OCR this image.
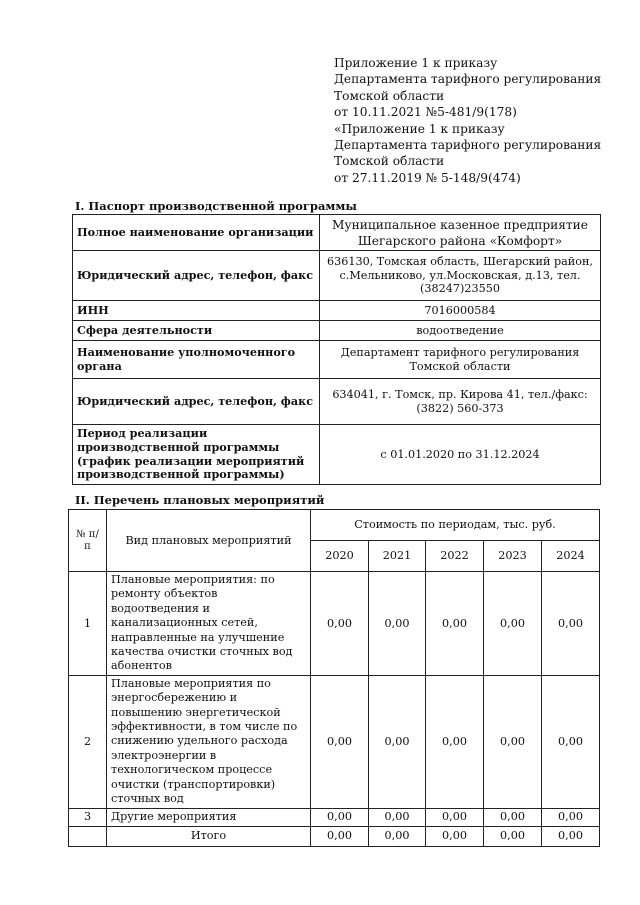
Приложение 1 к приказу
Департамента тарифного регулирования
Томской области
от 10.11.2021 №5-481/9(178)
«Приложение 1 к приказу
Департамента тарифного регулирования
Томской области
от 27.11.2019 № 5-148/9(474)
I. Паспорт производственной программы
Полное наименование организации	Муниципальное казенное предприятие Шегарского района «Комфорт»
Юридический адрес, телефон, факс	636130, Томская область, Шегарский район, с.Мельниково, ул.Московская, д.13, тел. (38247)23550
ИНН	7016000584
Сфера деятельности	водоотведение
Наименование уполномоченного органа	Департамент тарифного регулирования Томской области
Юридический адрес, телефон, факс	634041, г. Томск, пр. Кирова 41, тел./факс: (3822) 560-373
Период реализации производственной программы (график реализации мероприятий производственной программы)	с 01.01.2020 по 31.12.2024
II. Перечень плановых мероприятий
№ п/п	Вид плановых мероприятий	Стоимость по периодам, тыс. руб.				
		2020	2021	2022	2023	2024
1	Плановые мероприятия: по ремонту объектов водоотведения и канализационных сетей, направленные на улучшение качества очистки сточных вод абонентов	0,00	0,00	0,00	0,00	0,00
2	Плановые мероприятия по энергосбережению и повышению энергетической эффективности, в том числе по снижению удельного расхода электроэнергии в технологическом процессе очистки (транспортировки) сточных вод	0,00	0,00	0,00	0,00	0,00
3	Другие мероприятия	0,00	0,00	0,00	0,00	0,00
	Итого	0,00	0,00	0,00	0,00	0,00
